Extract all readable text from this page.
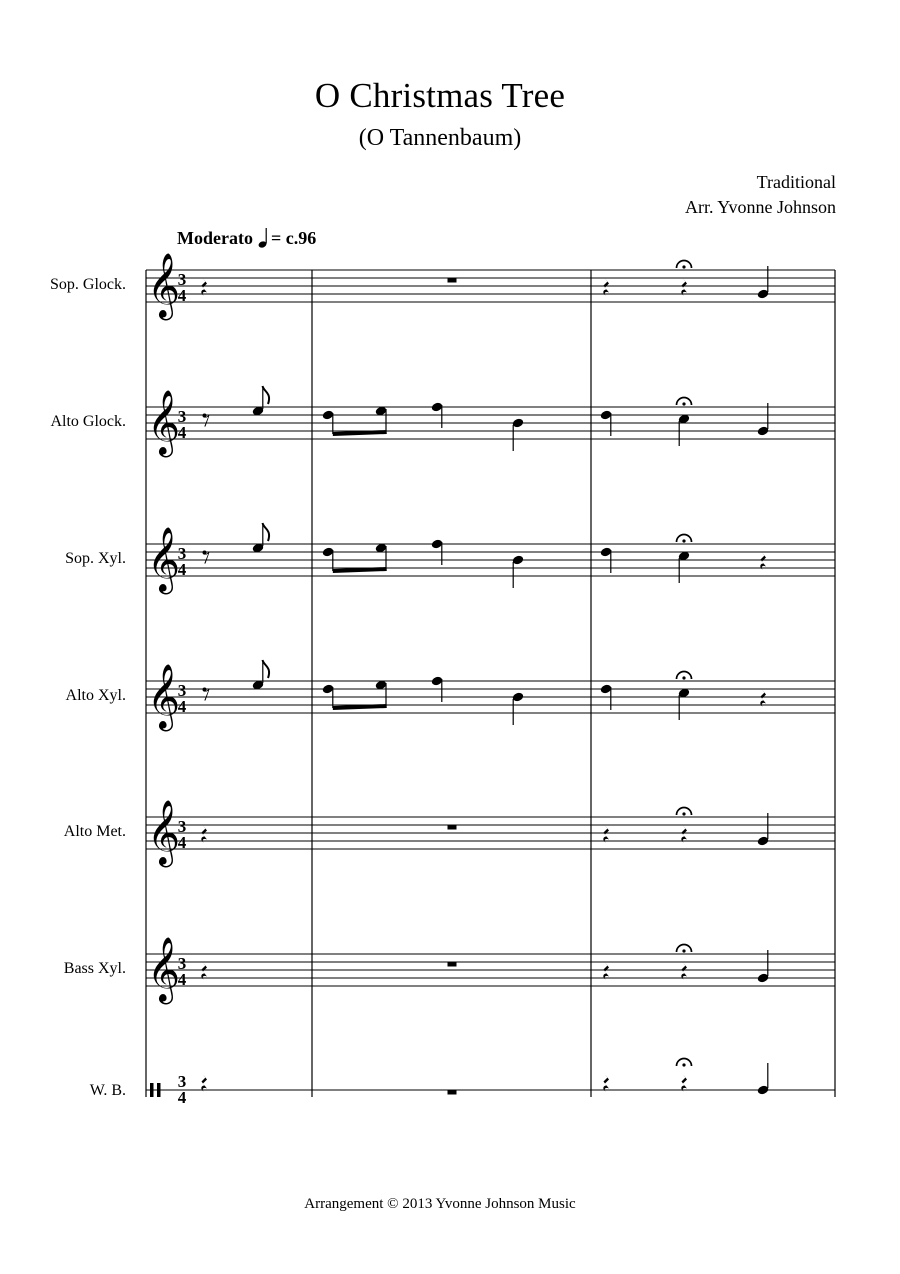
O Christmas Tree
(O Tannenbaum)
Traditional
Arr. Yvonne Johnson
Moderato = c.96
Sop. Glock.
Alto Glock.
Sop. Xyl.
Alto Xyl.
Alto Met.
Bass Xyl.
W. B.
𝄞
3
4
𝄞
3
4
𝄞
3
4
𝄞
3
4
𝄞
3
4
𝄞
3
4
3
4
Arrangement © 2013 Yvonne Johnson Music
